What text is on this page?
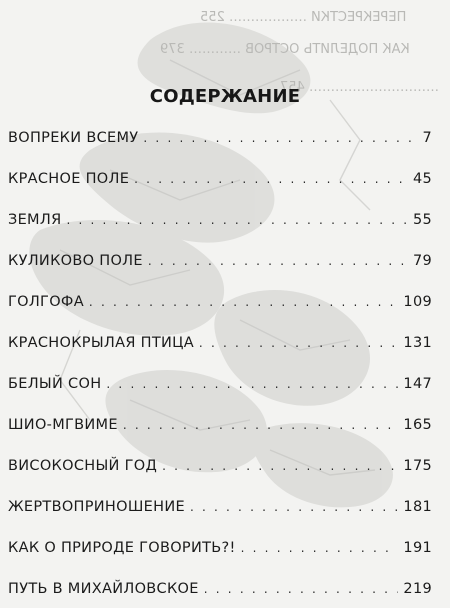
ПЕРЕКРЕСТКИ ……………… 255
КАК ПОДЕЛИТЬ ОСТРОВ ………… 379
………………………… 457
СОДЕРЖАНИЕ
ВОПРЕКИ ВСЕМУ . . .	7
КРАСНОЕ ПОЛЕ . . .	45
ЗЕМЛЯ . . .	55
КУЛИКОВО ПОЛЕ . . .	79
ГОЛГОФА . . .	109
КРАСНОКРЫЛАЯ ПТИЦА . . .	131
БЕЛЫЙ СОН . . .	147
ШИО-МГВИМЕ . . .	165
ВИСОКОСНЫЙ ГОД . . .	175
ЖЕРТВОПРИНОШЕНИЕ . . .	181
КАК О ПРИРОДЕ ГОВОРИТЬ?! . . .	191
ПУТЬ В МИХАЙЛОВСКОЕ . . .	219
